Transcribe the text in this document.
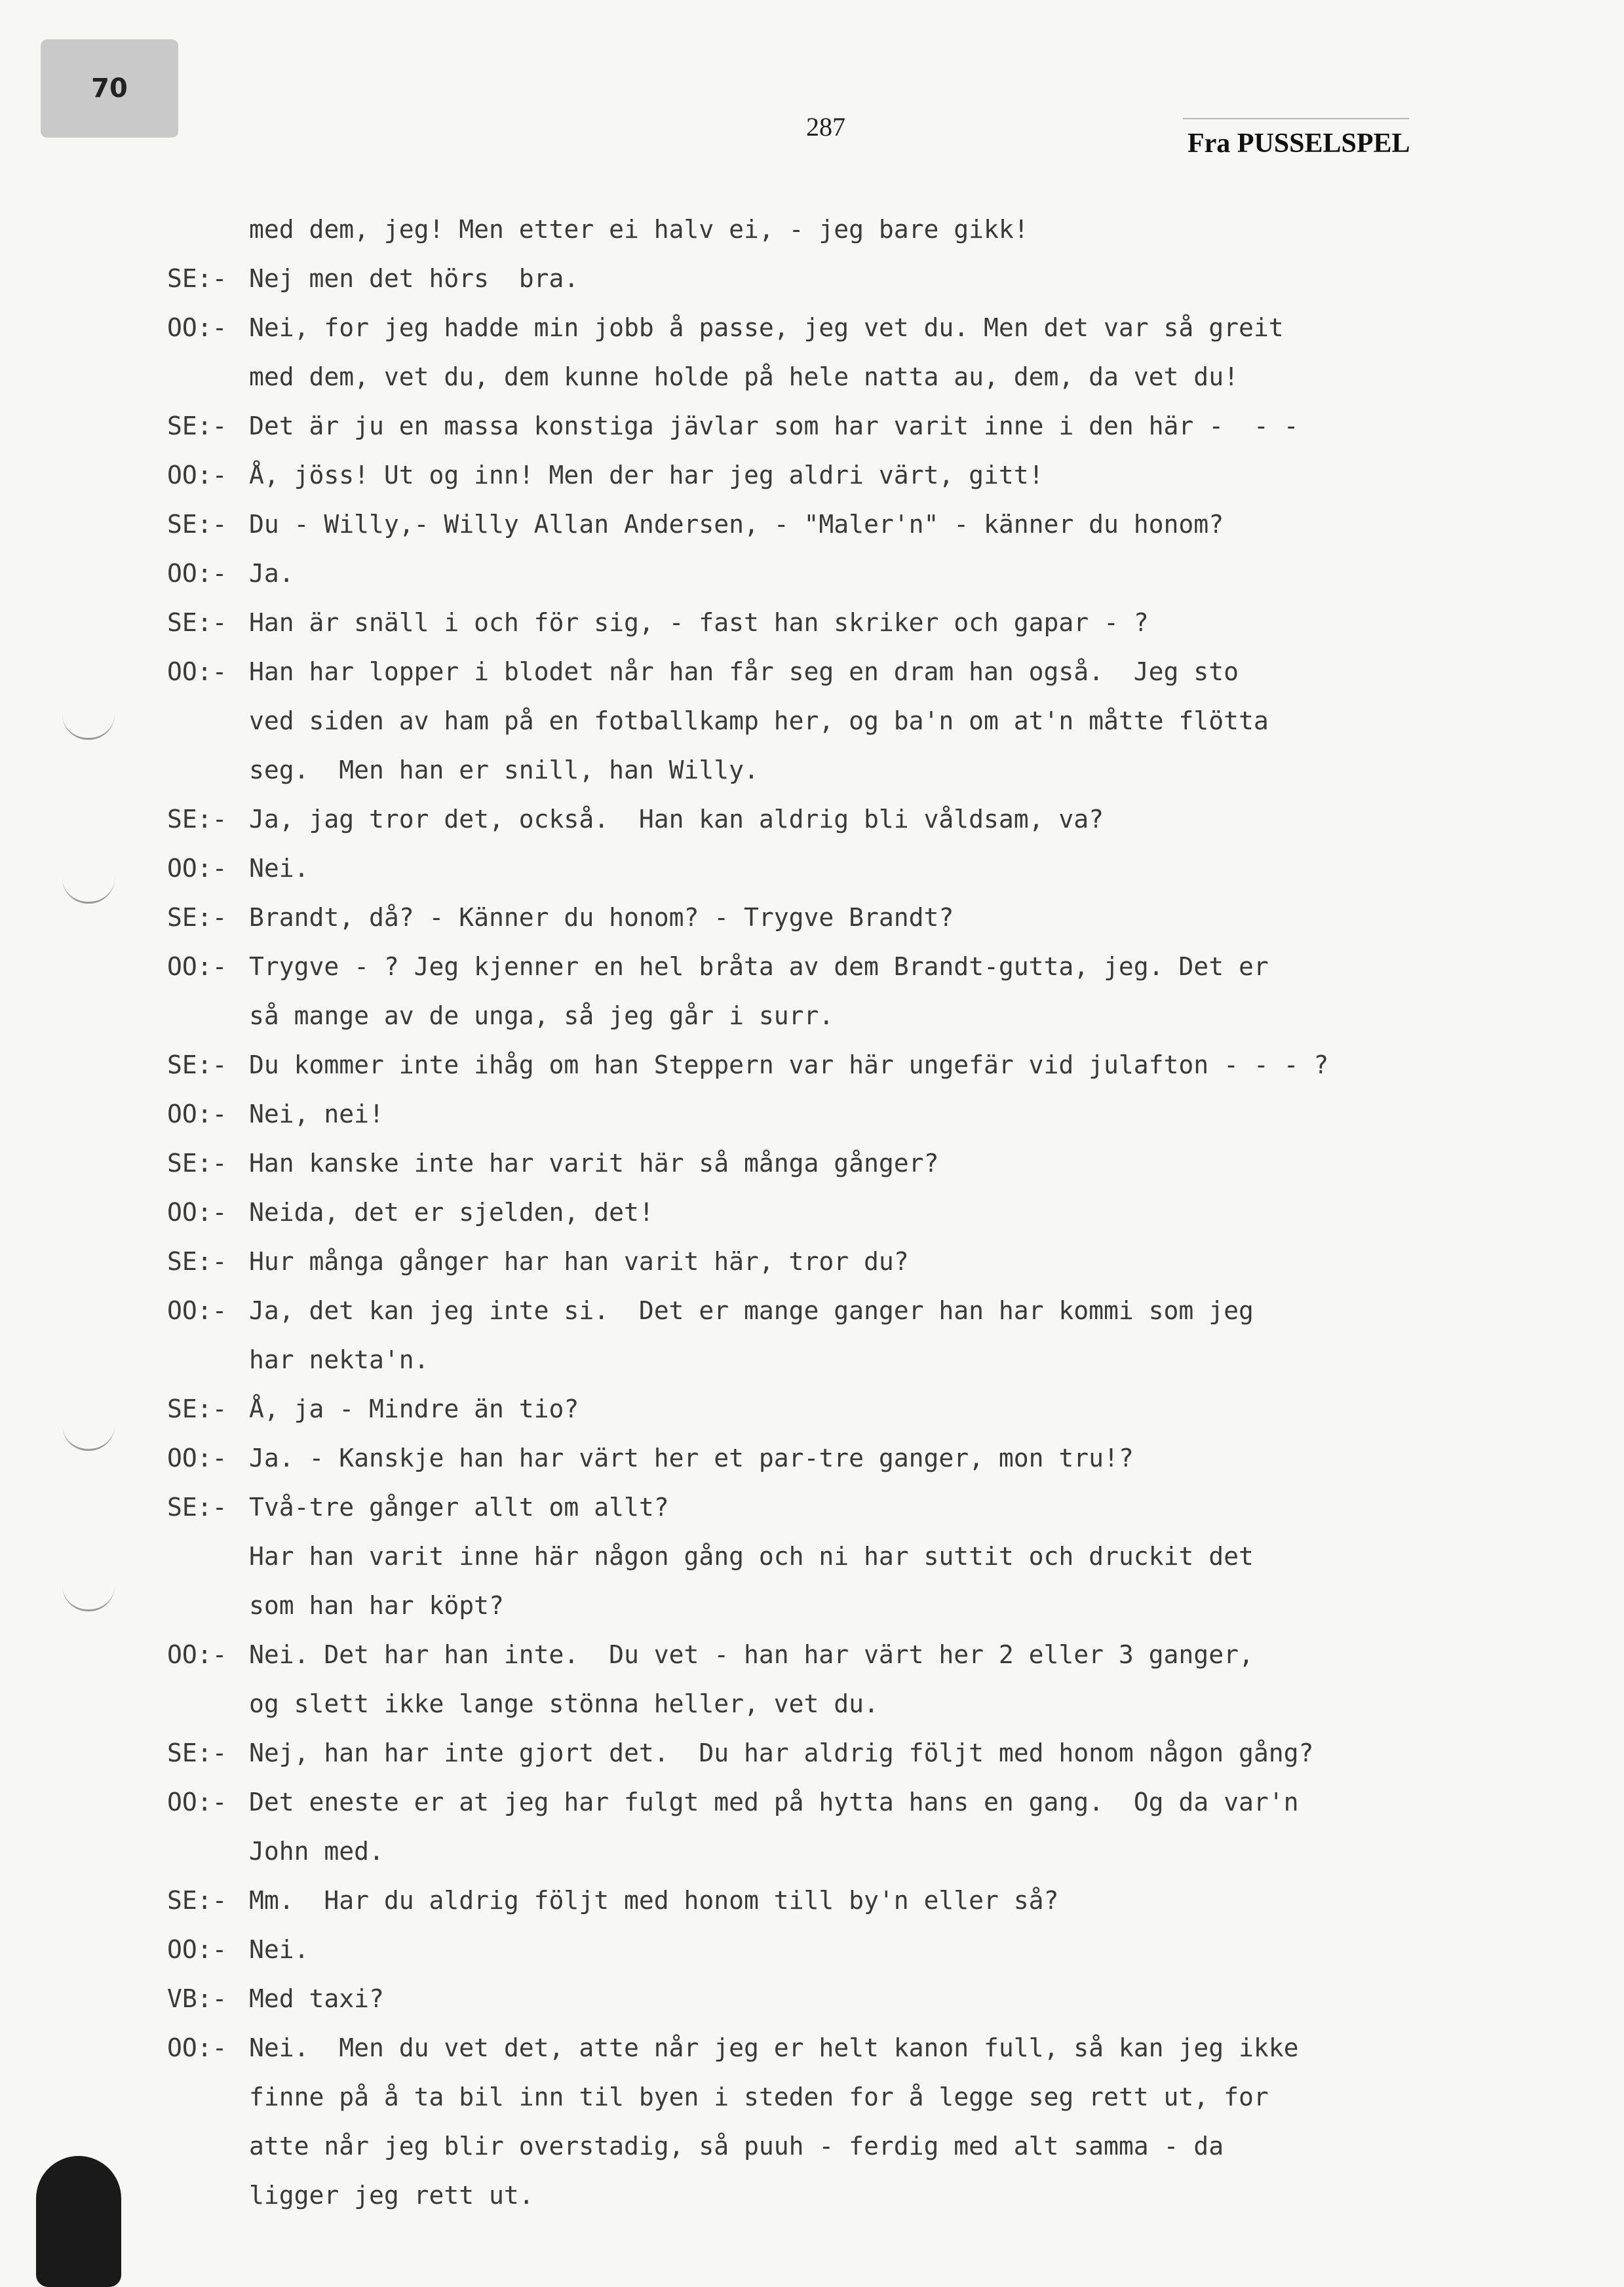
70
287
Fra PUSSELSPEL
med dem, jeg! Men etter ei halv ei, - jeg bare gikk!
SE:- Nej men det hörs  bra.
OO:- Nei, for jeg hadde min jobb å passe, jeg vet du. Men det var så greit
med dem, vet du, dem kunne holde på hele natta au, dem, da vet du!
SE:- Det är ju en massa konstiga jävlar som har varit inne i den här -  - -
OO:- Å, jöss! Ut og inn! Men der har jeg aldri värt, gitt!
SE:- Du - Willy,- Willy Allan Andersen, - "Maler'n" - känner du honom?
OO:- Ja.
SE:- Han är snäll i och för sig, - fast han skriker och gapar - ?
OO:- Han har lopper i blodet når han får seg en dram han også.  Jeg sto
ved siden av ham på en fotballkamp her, og ba'n om at'n måtte flötta
seg.  Men han er snill, han Willy.
SE:- Ja, jag tror det, också.  Han kan aldrig bli våldsam, va?
OO:- Nei.
SE:- Brandt, då? - Känner du honom? - Trygve Brandt?
OO:- Trygve - ? Jeg kjenner en hel bråta av dem Brandt-gutta, jeg. Det er
så mange av de unga, så jeg går i surr.
SE:- Du kommer inte ihåg om han Steppern var här ungefär vid julafton - - - ?
OO:- Nei, nei!
SE:- Han kanske inte har varit här så många gånger?
OO:- Neida, det er sjelden, det!
SE:- Hur många gånger har han varit här, tror du?
OO:- Ja, det kan jeg inte si.  Det er mange ganger han har kommi som jeg
har nekta'n.
SE:- Å, ja - Mindre än tio?
OO:- Ja. - Kanskje han har värt her et par-tre ganger, mon tru!?
SE:- Två-tre gånger allt om allt?
Har han varit inne här någon gång och ni har suttit och druckit det
som han har köpt?
OO:- Nei. Det har han inte.  Du vet - han har värt her 2 eller 3 ganger,
og slett ikke lange stönna heller, vet du.
SE:- Nej, han har inte gjort det.  Du har aldrig följt med honom någon gång?
OO:- Det eneste er at jeg har fulgt med på hytta hans en gang.  Og da var'n
John med.
SE:- Mm.  Har du aldrig följt med honom till by'n eller så?
OO:- Nei.
VB:- Med taxi?
OO:- Nei.  Men du vet det, atte når jeg er helt kanon full, så kan jeg ikke
finne på å ta bil inn til byen i steden for å legge seg rett ut, for
atte når jeg blir overstadig, så puuh - ferdig med alt samma - da
ligger jeg rett ut.
